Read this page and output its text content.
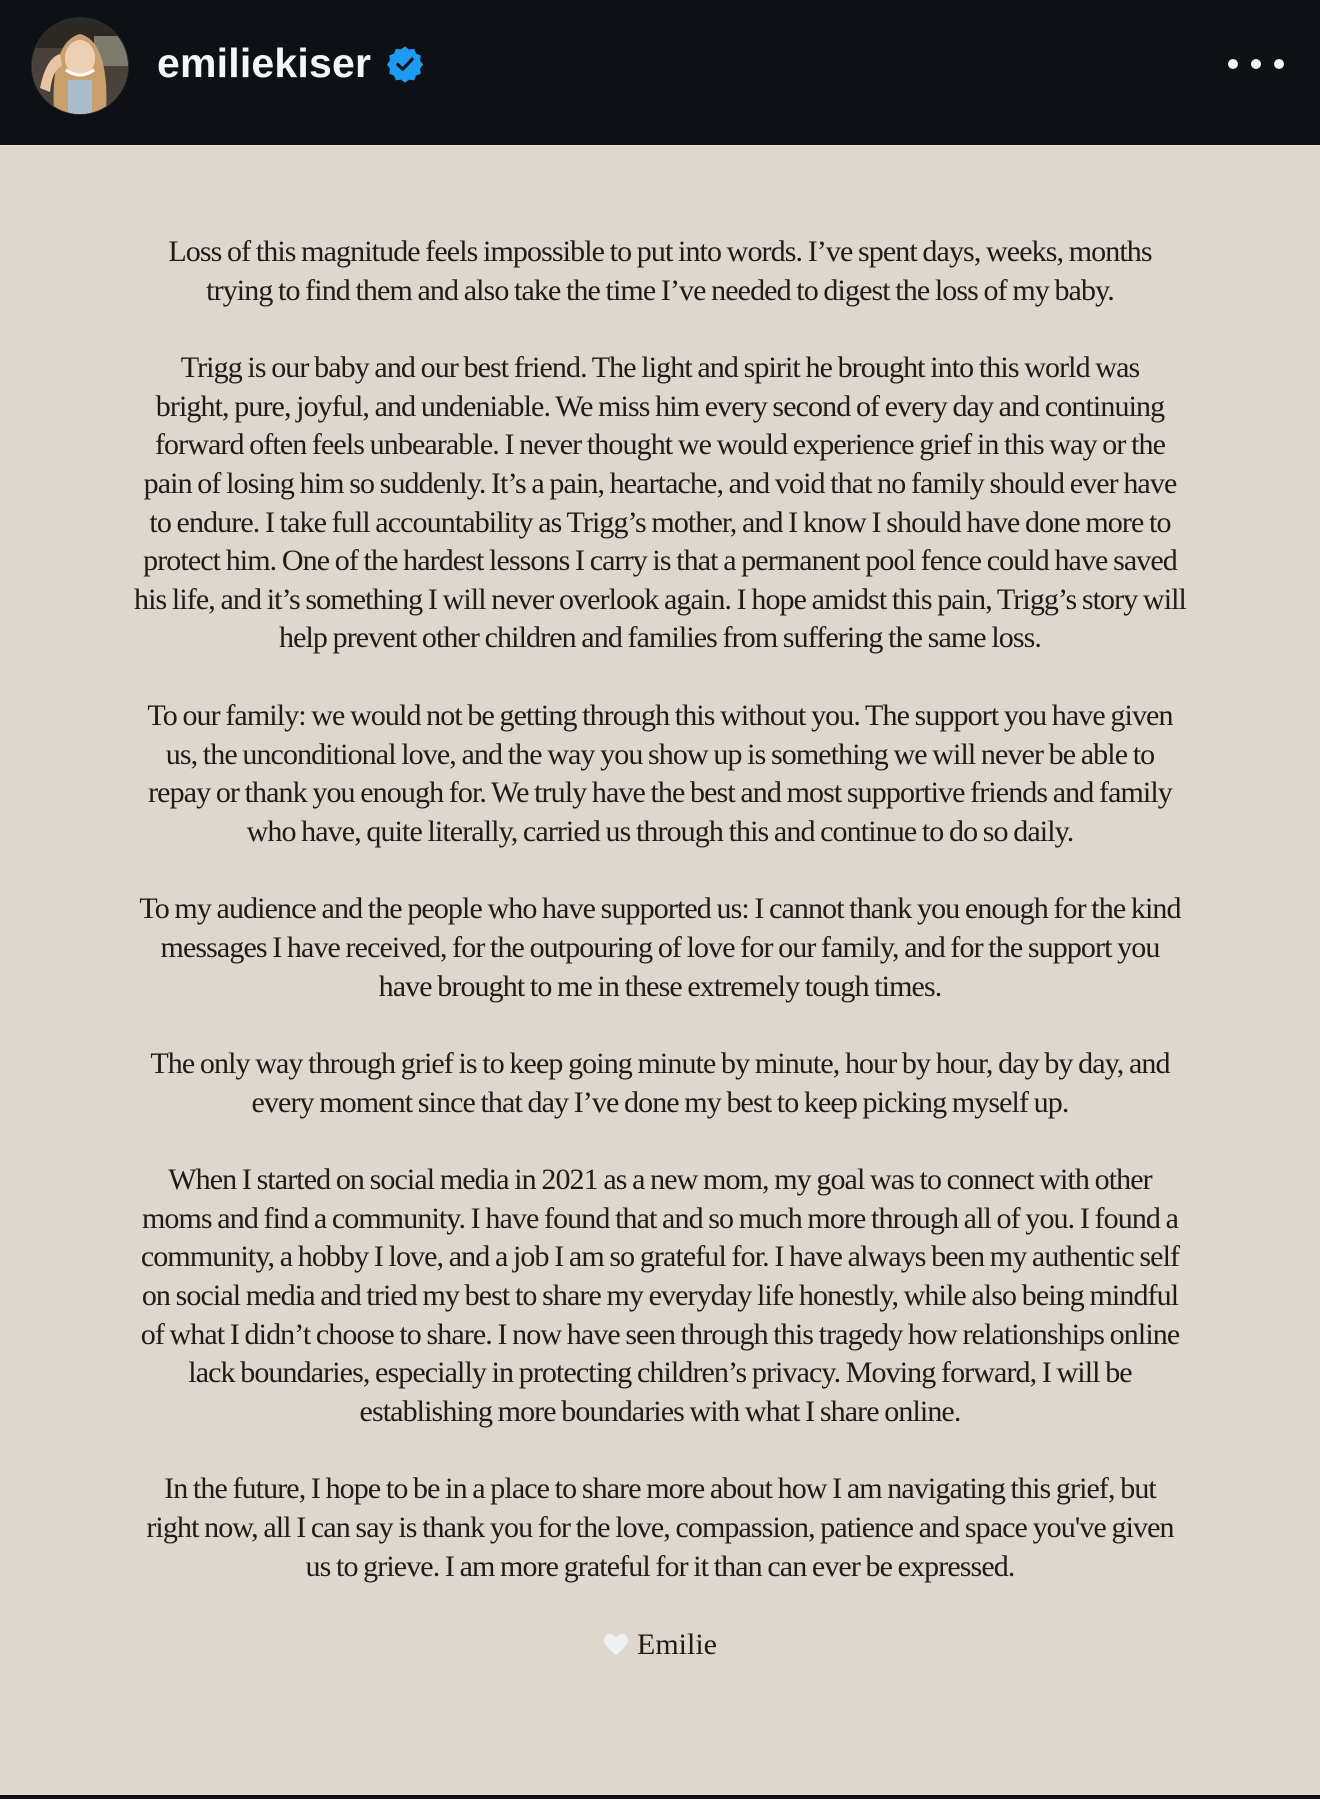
emiliekiser

Loss of this magnitude feels impossible to put into words. I’ve spent days, weeks, months
trying to find them and also take the time I’ve needed to digest the loss of my baby.

Trigg is our baby and our best friend. The light and spirit he brought into this world was
bright, pure, joyful, and undeniable. We miss him every second of every day and continuing
forward often feels unbearable. I never thought we would experience grief in this way or the
pain of losing him so suddenly. It’s a pain, heartache, and void that no family should ever have
to endure. I take full accountability as Trigg’s mother, and I know I should have done more to
protect him. One of the hardest lessons I carry is that a permanent pool fence could have saved
his life, and it’s something I will never overlook again. I hope amidst this pain, Trigg’s story will
help prevent other children and families from suffering the same loss.

To our family: we would not be getting through this without you. The support you have given
us, the unconditional love, and the way you show up is something we will never be able to
repay or thank you enough for. We truly have the best and most supportive friends and family
who have, quite literally, carried us through this and continue to do so daily.

To my audience and the people who have supported us: I cannot thank you enough for the kind
messages I have received, for the outpouring of love for our family, and for the support you
have brought to me in these extremely tough times.

The only way through grief is to keep going minute by minute, hour by hour, day by day, and
every moment since that day I’ve done my best to keep picking myself up.

When I started on social media in 2021 as a new mom, my goal was to connect with other
moms and find a community. I have found that and so much more through all of you. I found a
community, a hobby I love, and a job I am so grateful for. I have always been my authentic self
on social media and tried my best to share my everyday life honestly, while also being mindful
of what I didn’t choose to share. I now have seen through this tragedy how relationships online
lack boundaries, especially in protecting children’s privacy. Moving forward, I will be
establishing more boundaries with what I share online.

In the future, I hope to be in a place to share more about how I am navigating this grief, but
right now, all I can say is thank you for the love, compassion, patience and space you've given
us to grieve. I am more grateful for it than can ever be expressed.

Emilie
